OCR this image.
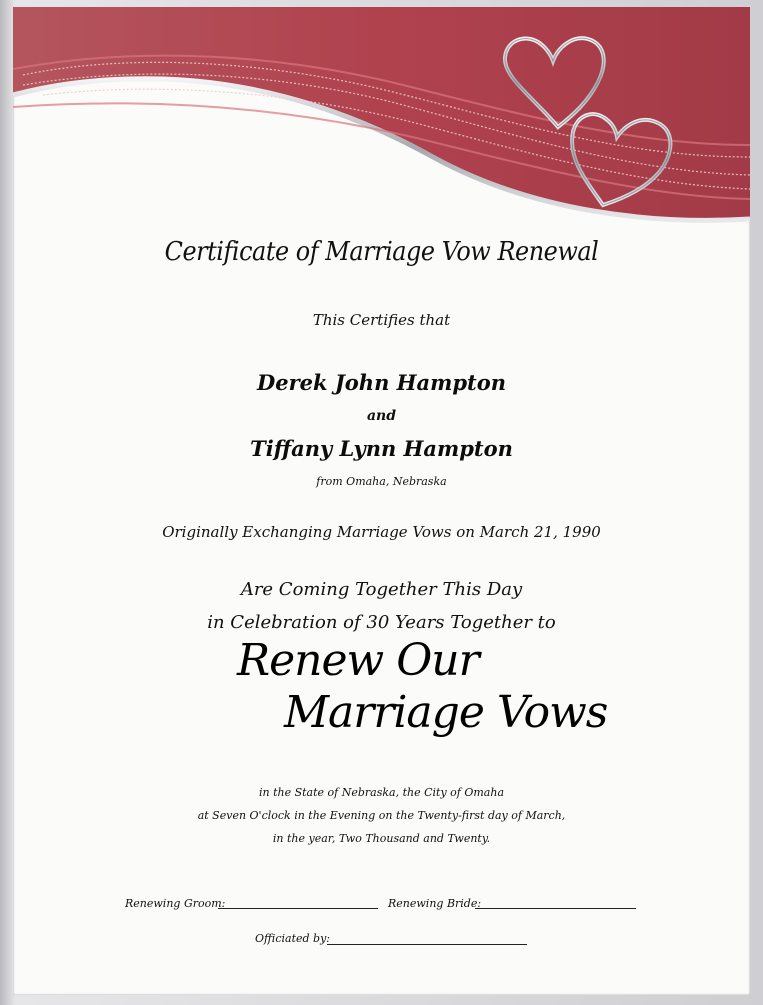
Certificate of Marriage Vow Renewal
This Certifies that
Derek John Hampton
and
Tiffany Lynn Hampton
from Omaha, Nebraska
Originally Exchanging Marriage Vows on March 21, 1990
Are Coming Together This Day
in Celebration of 30 Years Together to
Renew Our
Marriage Vows
in the State of Nebraska, the City of Omaha
at Seven O'clock in the Evening on the Twenty-first day of March,
in the year, Two Thousand and Twenty.
Renewing Groom:	Renewing Bride:
Officiated by:
